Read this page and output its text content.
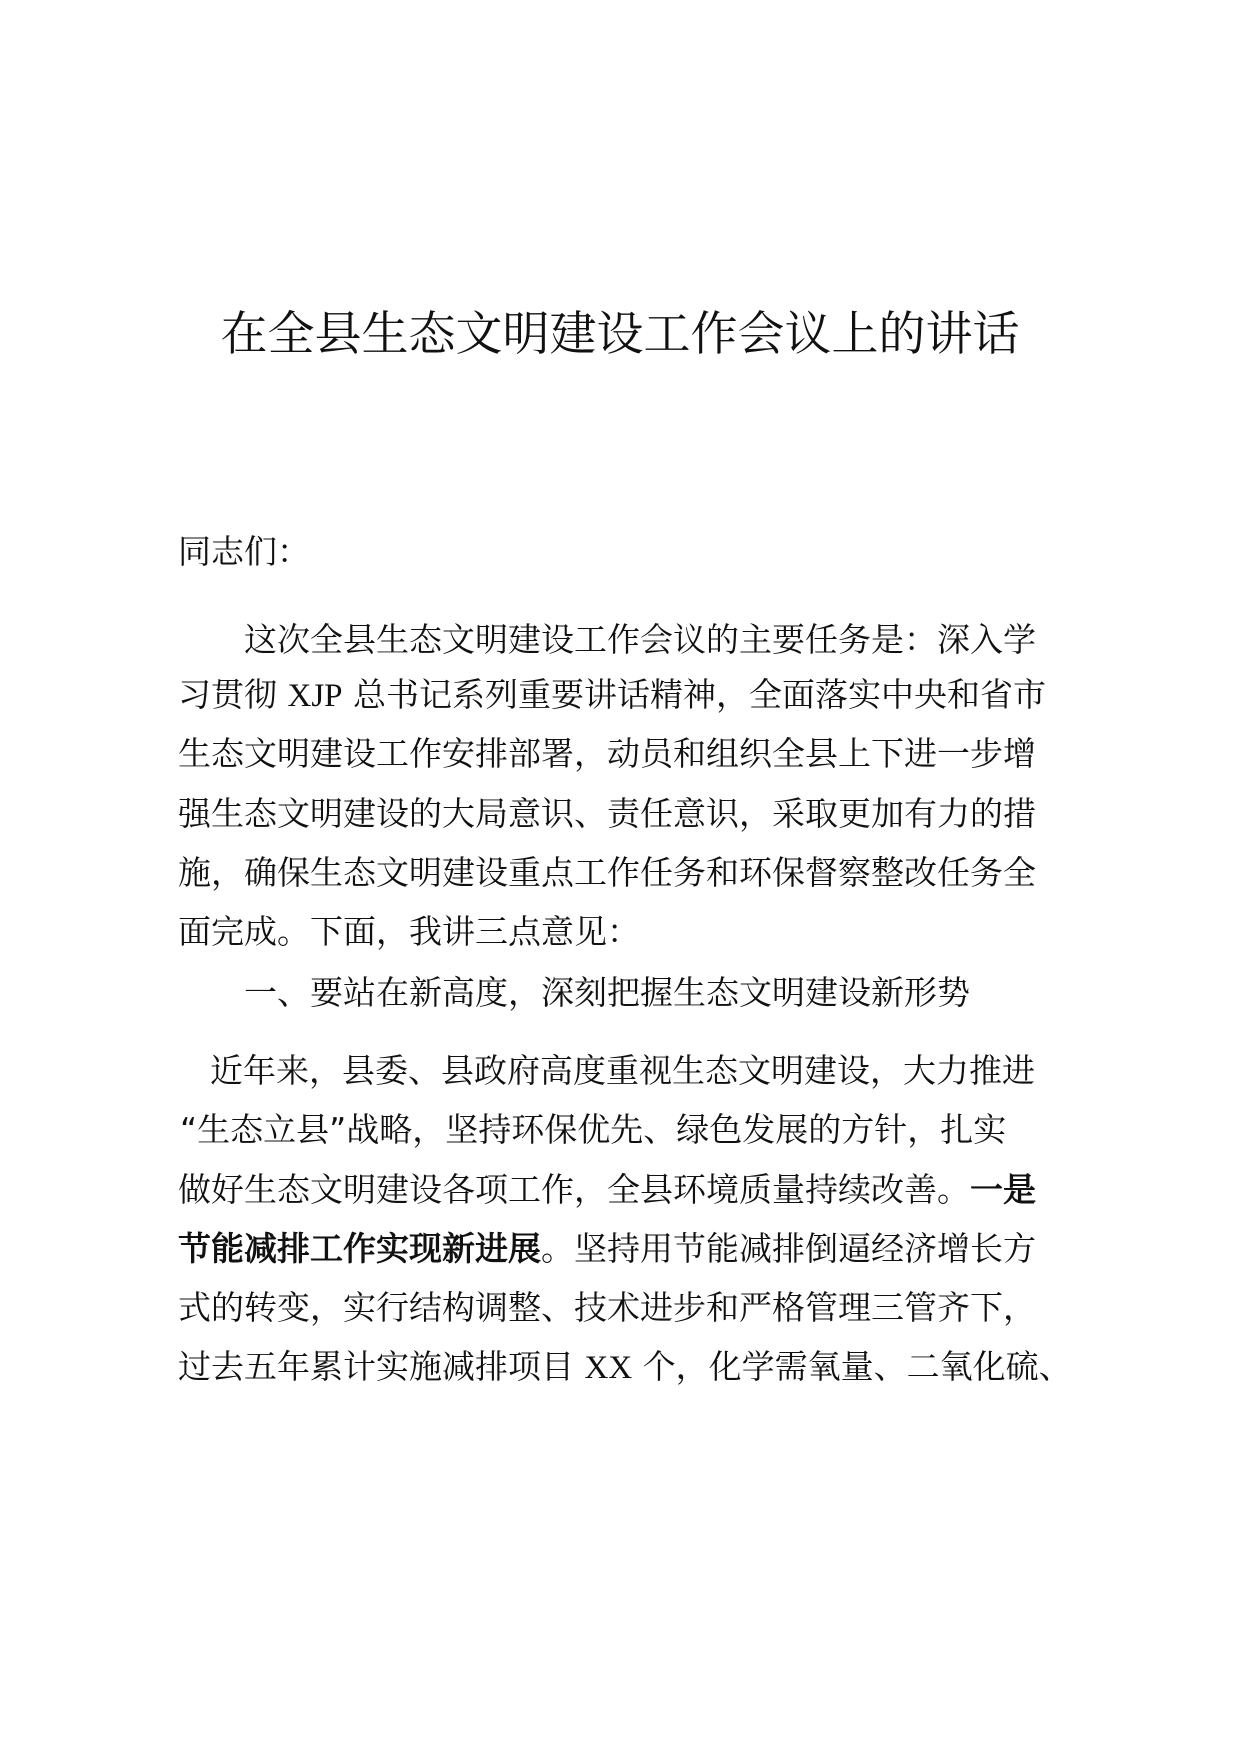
在全县生态文明建设工作会议上的讲话
同志们：
这次全县生态文明建设工作会议的主要任务是：深入学
习贯彻 XJP 总书记系列重要讲话精神，全面落实中央和省市
生态文明建设工作安排部署，动员和组织全县上下进一步增
强生态文明建设的大局意识、责任意识，采取更加有力的措
施，确保生态文明建设重点工作任务和环保督察整改任务全
面完成。下面，我讲三点意见：
一、要站在新高度，深刻把握生态文明建设新形势
近年来，县委、县政府高度重视生态文明建设，大力推进
“生态立县”战略，坚持环保优先、绿色发展的方针，扎实
做好生态文明建设各项工作，全县环境质量持续改善。一是
节能减排工作实现新进展。坚持用节能减排倒逼经济增长方
式的转变，实行结构调整、技术进步和严格管理三管齐下，
过去五年累计实施减排项目 XX 个，化学需氧量、二氧化硫、
